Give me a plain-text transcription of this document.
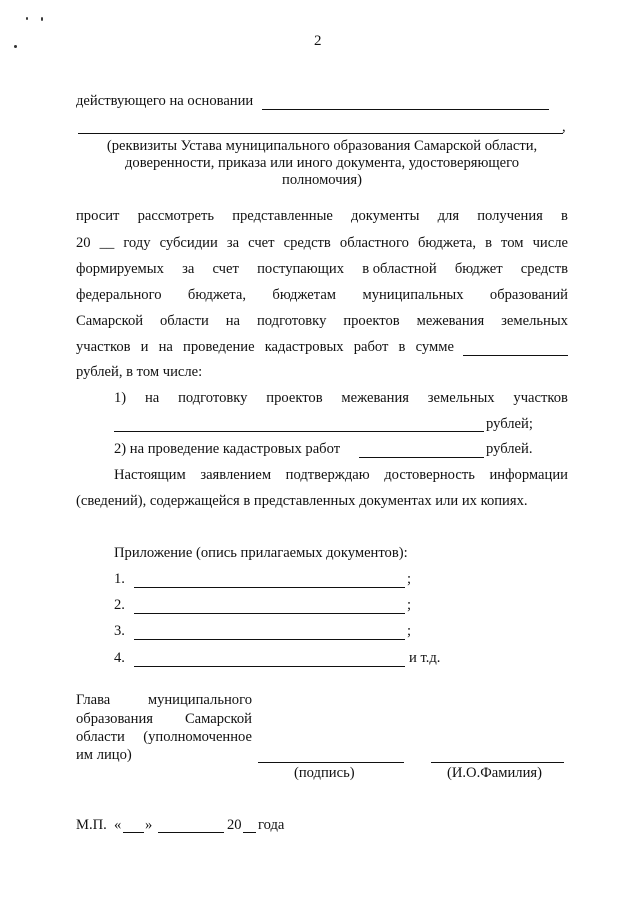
2
действующего на основании
,
(реквизиты Устава муниципального образования Самарской области,
доверенности, приказа или иного документа, удостоверяющего
полномочия)
просит рассмотреть представленные документы для получения в
20 __ году субсидии за счет средств областного бюджета, в том числе
формируемых за счет поступающих в областной бюджет средств
федерального бюджета, бюджетам муниципальных образований
Самарской области на подготовку проектов межевания земельных
участков и на проведение кадастровых работ в сумме
рублей, в том числе:
1) на подготовку проектов межевания земельных участков
рублей;
2) на проведение кадастровых работ	рублей.
Настоящим заявлением подтверждаю достоверность информации
(сведений), содержащейся в представленных документах или их копиях.
Приложение (опись прилагаемых документов):
1.	;
2.	;
3.	;
4.	и т.д.
Глава	муниципального
образования Самарской
области (уполномоченное
им лицо)
(подпись)	(И.О.Фамилия)
М.П. « »	20 года
